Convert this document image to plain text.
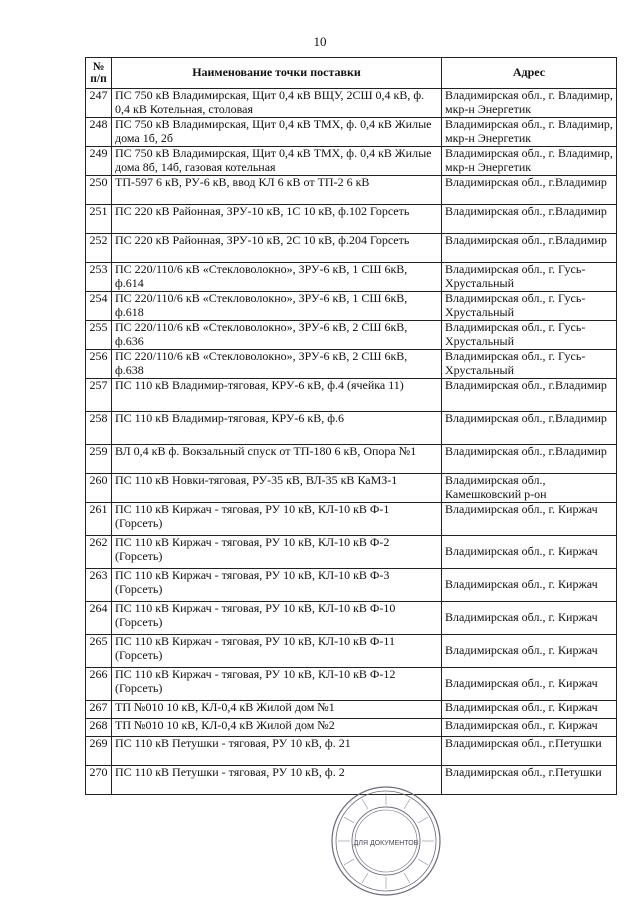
10
№ п/п	Наименование точки поставки	Адрес
247	ПС 750 кВ Владимирская, Щит 0,4 кВ ВЩУ, 2СШ 0,4 кВ, ф. 0,4 кВ Котельная, столовая	Владимирская обл., г. Владимир, мкр-н Энергетик
248	ПС 750 кВ Владимирская, Щит 0,4 кВ ТМХ, ф. 0,4 кВ Жилые дома 1б, 2б	Владимирская обл., г. Владимир, мкр-н Энергетик
249	ПС 750 кВ Владимирская, Щит 0,4 кВ ТМХ, ф. 0,4 кВ Жилые дома 8б, 14б, газовая котельная	Владимирская обл., г. Владимир, мкр-н Энергетик
250	ТП-597 6 кВ, РУ-6 кВ, ввод КЛ 6 кВ от ТП-2 6 кВ	Владимирская обл., г.Владимир
251	ПС 220 кВ Районная, ЗРУ-10 кВ, 1С 10 кВ, ф.102 Горсеть	Владимирская обл., г.Владимир
252	ПС 220 кВ Районная, ЗРУ-10 кВ, 2С 10 кВ, ф.204 Горсеть	Владимирская обл., г.Владимир
253	ПС 220/110/6 кВ «Стекловолокно», ЗРУ-6 кВ, 1 СШ 6кВ, ф.614	Владимирская обл., г. Гусь-Хрустальный
254	ПС 220/110/6 кВ «Стекловолокно», ЗРУ-6 кВ, 1 СШ 6кВ, ф.618	Владимирская обл., г. Гусь-Хрустальный
255	ПС 220/110/6 кВ «Стекловолокно», ЗРУ-6 кВ, 2 СШ 6кВ, ф.636	Владимирская обл., г. Гусь-Хрустальный
256	ПС 220/110/6 кВ «Стекловолокно», ЗРУ-6 кВ, 2 СШ 6кВ, ф.638	Владимирская обл., г. Гусь-Хрустальный
257	ПС 110 кВ Владимир-тяговая, КРУ-6 кВ, ф.4 (ячейка 11)	Владимирская обл., г.Владимир
258	ПС 110 кВ Владимир-тяговая, КРУ-6 кВ, ф.6	Владимирская обл., г.Владимир
259	ВЛ 0,4 кВ ф. Вокзальный спуск от ТП-180 6 кВ, Опора №1	Владимирская обл., г.Владимир
260	ПС 110 кВ Новки-тяговая, РУ-35 кВ, ВЛ-35 кВ КаМЗ-1	Владимирская обл., Камешковский р-он
261	ПС 110 кВ Киржач - тяговая, РУ 10 кВ, КЛ-10 кВ Ф-1 (Горсеть)	Владимирская обл., г. Киржач
262	ПС 110 кВ Киржач - тяговая, РУ 10 кВ, КЛ-10 кВ Ф-2 (Горсеть)	Владимирская обл., г. Киржач
263	ПС 110 кВ Киржач - тяговая, РУ 10 кВ, КЛ-10 кВ Ф-3 (Горсеть)	Владимирская обл., г. Киржач
264	ПС 110 кВ Киржач - тяговая, РУ 10 кВ, КЛ-10 кВ Ф-10 (Горсеть)	Владимирская обл., г. Киржач
265	ПС 110 кВ Киржач - тяговая, РУ 10 кВ, КЛ-10 кВ Ф-11 (Горсеть)	Владимирская обл., г. Киржач
266	ПС 110 кВ Киржач - тяговая, РУ 10 кВ, КЛ-10 кВ Ф-12 (Горсеть)	Владимирская обл., г. Киржач
267	ТП №010 10 кВ, КЛ-0,4 кВ Жилой дом №1	Владимирская обл., г. Киржач
268	ТП №010 10 кВ, КЛ-0,4 кВ Жилой дом №2	Владимирская обл., г. Киржач
269	ПС 110 кВ Петушки - тяговая, РУ 10 кВ, ф. 21	Владимирская обл., г.Петушки
270	ПС 110 кВ Петушки - тяговая, РУ 10 кВ, ф. 2	Владимирская обл., г.Петушки
ДЛЯ ДОКУМЕНТОВ
